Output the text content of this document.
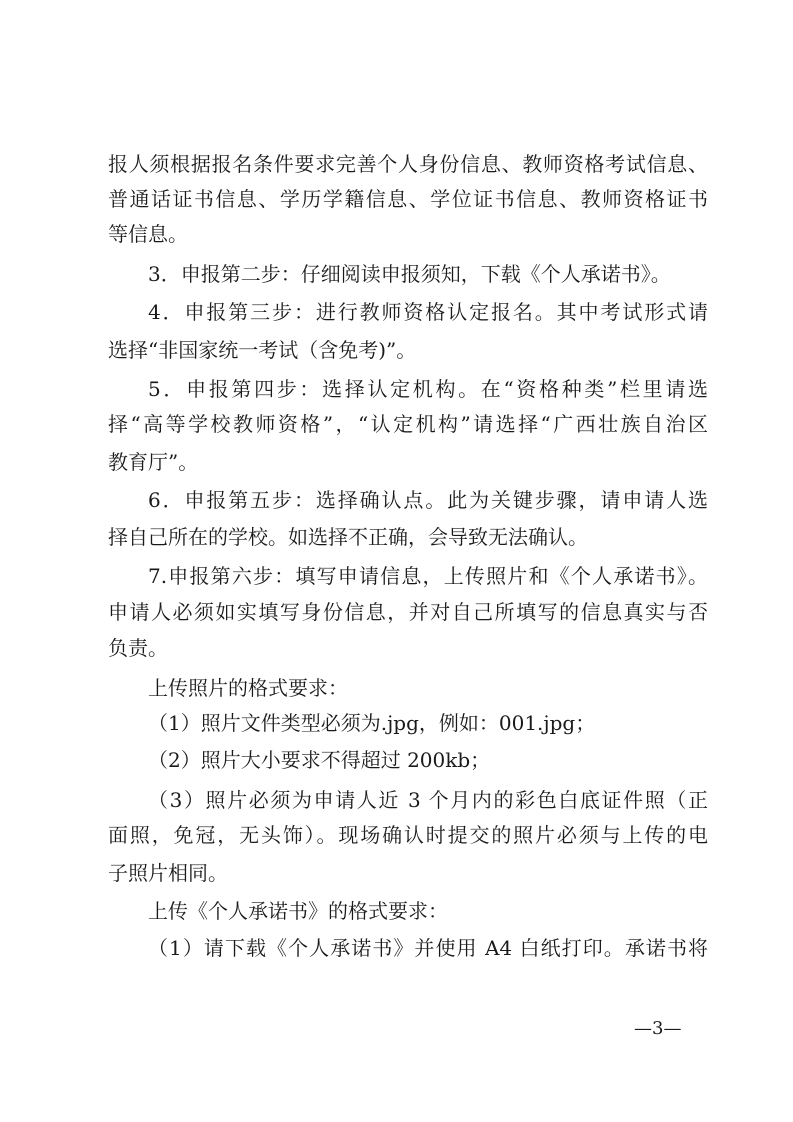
报人须根据报名条件要求完善个人身份信息、教师资格考试信息、
普通话证书信息、学历学籍信息、学位证书信息、教师资格证书
等信息。
3．申报第二步：仔细阅读申报须知，下载《个人承诺书》。
4．申报第三步：进行教师资格认定报名。其中考试形式请
选择“非国家统一考试（含免考)”。
5．申报第四步：选择认定机构。在“资格种类”栏里请选
择“高等学校教师资格”，“认定机构”请选择“广西壮族自治区
教育厅”。
6．申报第五步：选择确认点。此为关键步骤，请申请人选
择自己所在的学校。如选择不正确，会导致无法确认。
7.申报第六步：填写申请信息，上传照片和《个人承诺书》。
申请人必须如实填写身份信息，并对自己所填写的信息真实与否
负责。
上传照片的格式要求：
（1）照片文件类型必须为.jpg，例如：001.jpg；
（2）照片大小要求不得超过 200kb；
（3）照片必须为申请人近 3 个月内的彩色白底证件照（正
面照，免冠，无头饰）。现场确认时提交的照片必须与上传的电
子照片相同。
上传《个人承诺书》的格式要求：
（1）请下载《个人承诺书》并使用 A4 白纸打印。承诺书将
—3—
